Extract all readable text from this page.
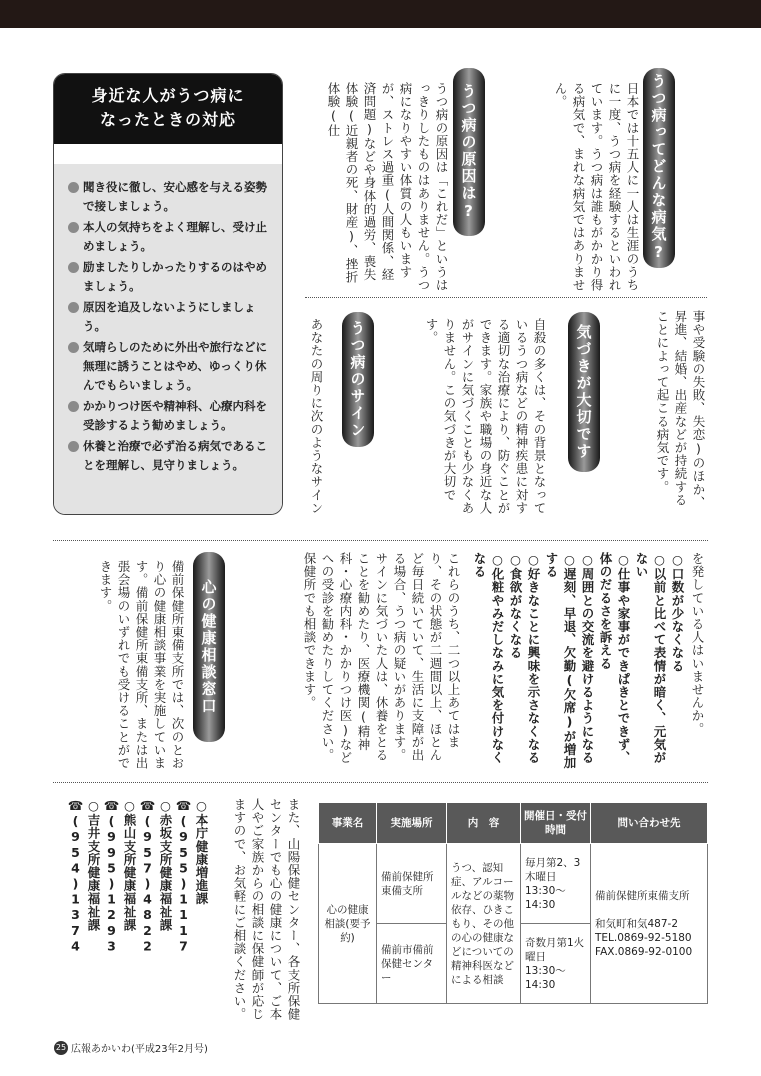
うつ病ってどんな病気?
日本では十五人に一人は生涯のうちに一度、うつ病を経験するといわれています。うつ病は誰もがかかり得る病気で、まれな病気ではありません。
うつ病の原因は?
うつ病の原因は「これだ」というはっきりしたものはありません。うつ病になりやすい体質の人もいますが、ストレス過重(人間関係、経済問題)などや身体的過労、喪失体験(近親者の死、財産)、挫折体験(仕
事や受験の失敗、失恋)のほか、昇進、結婚、出産などが持続することによって起こる病気です。
気づきが大切です
自殺の多くは、その背景となっているうつ病などの精神疾患に対する適切な治療により、防ぐことができます。家族や職場の身近な人がサインに気づくことも少なくありません。この気づきが大切です。
うつ病のサイン
あなたの周りに次のようなサイン
身近な人がうつ病に
なったときの対応
聞き役に徹し、安心感を与える姿勢で接しましょう。
本人の気持ちをよく理解し、受け止めましょう。
励ましたりしかったりするのはやめましょう。
原因を追及しないようにしましょう。
気晴らしのために外出や旅行などに無理に誘うことはやめ、ゆっくり休んでもらいましょう。
かかりつけ医や精神科、心療内科を受診するよう勧めましょう。
休養と治療で必ず治る病気であることを理解し、見守りましょう。
を発している人はいませんか。
○口数が少なくなる
○以前と比べて表情が暗く、元気がない
○仕事や家事ができぱきとできず、体のだるさを訴える
○周囲との交流を避けるようになる
○遅刻、早退、欠勤(欠席)が増加する
○好きなことに興味を示さなくなる
○食欲がなくなる
○化粧やみだしなみに気を付けなくなる
これらのうち、二つ以上あてはまり、その状態が二週間以上、ほとんど毎日続いていて、生活に支障が出る場合、うつ病の疑いがあります。サインに気づいた人は、休養をとることを勧めたり、医療機関(精神科・心療内科・かかりつけ医)などへの受診を勧めたりしてください。保健所でも相談できます。
心の健康相談窓口
備前保健所東備支所では、次のとおり心の健康相談事業を実施しています。備前保健所東備支所、または出張会場のいずれでも受けることができます。
事業名	実施場所	内　容	開催日・受付時間	問い合わせ先
心の健康相談(要予約)	備前保健所東備支所	うつ、認知症、アルコールなどの薬物依存、ひきこもり、その他の心の健康などについての精神科医などによる相談	毎月第2、3木曜日13:30〜14:30	備前保健所東備支所
和気町和気487-2
TEL.0869-92-5180
FAX.0869-92-0100

	備前市備前保健センター		奇数月第1火曜日13:30〜14:30	
また、山陽保健センター、各支所保健センターでも心の健康について、ご本人やご家族からの相談に保健師が応じますので、お気軽にご相談ください。
○本庁健康増進課
☎(955)1117
○赤坂支所健康福祉課
☎(957)4822
○熊山支所健康福祉課
☎(995)1293
○吉井支所健康福祉課
☎(954)1374
25 広報あかいわ(平成23年2月号)
